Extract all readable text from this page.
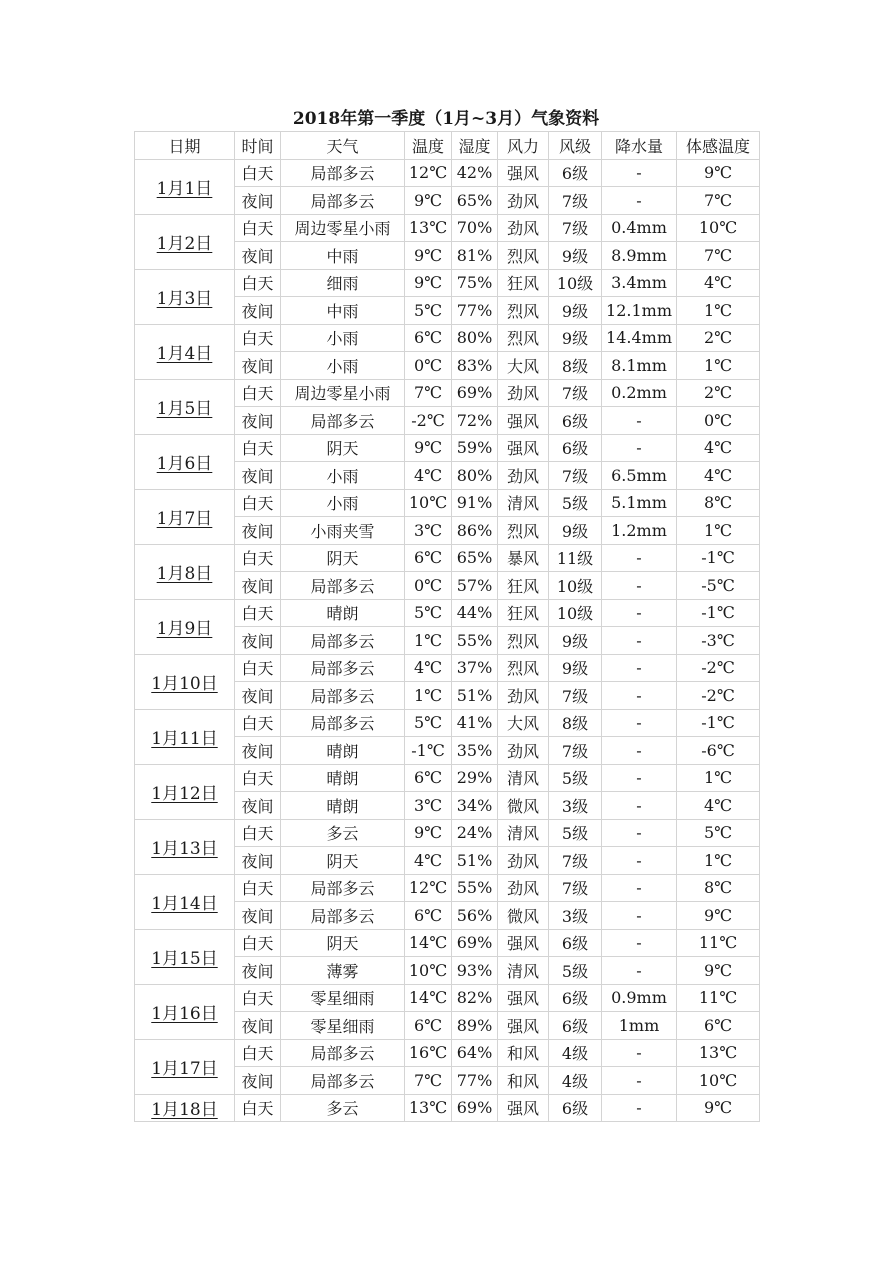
2018年第一季度（1月~3月）气象资料
日期	时间	天气	温度	湿度	风力	风级	降水量	体感温度
1月1日	白天	局部多云	12℃	42%	强风	6级	-	9℃
	夜间	局部多云	9℃	65%	劲风	7级	-	7℃
1月2日	白天	周边零星小雨	13℃	70%	劲风	7级	0.4mm	10℃
	夜间	中雨	9℃	81%	烈风	9级	8.9mm	7℃
1月3日	白天	细雨	9℃	75%	狂风	10级	3.4mm	4℃
	夜间	中雨	5℃	77%	烈风	9级	12.1mm	1℃
1月4日	白天	小雨	6℃	80%	烈风	9级	14.4mm	2℃
	夜间	小雨	0℃	83%	大风	8级	8.1mm	1℃
1月5日	白天	周边零星小雨	7℃	69%	劲风	7级	0.2mm	2℃
	夜间	局部多云	-2℃	72%	强风	6级	-	0℃
1月6日	白天	阴天	9℃	59%	强风	6级	-	4℃
	夜间	小雨	4℃	80%	劲风	7级	6.5mm	4℃
1月7日	白天	小雨	10℃	91%	清风	5级	5.1mm	8℃
	夜间	小雨夹雪	3℃	86%	烈风	9级	1.2mm	1℃
1月8日	白天	阴天	6℃	65%	暴风	11级	-	-1℃
	夜间	局部多云	0℃	57%	狂风	10级	-	-5℃
1月9日	白天	晴朗	5℃	44%	狂风	10级	-	-1℃
	夜间	局部多云	1℃	55%	烈风	9级	-	-3℃
1月10日	白天	局部多云	4℃	37%	烈风	9级	-	-2℃
	夜间	局部多云	1℃	51%	劲风	7级	-	-2℃
1月11日	白天	局部多云	5℃	41%	大风	8级	-	-1℃
	夜间	晴朗	-1℃	35%	劲风	7级	-	-6℃
1月12日	白天	晴朗	6℃	29%	清风	5级	-	1℃
	夜间	晴朗	3℃	34%	微风	3级	-	4℃
1月13日	白天	多云	9℃	24%	清风	5级	-	5℃
	夜间	阴天	4℃	51%	劲风	7级	-	1℃
1月14日	白天	局部多云	12℃	55%	劲风	7级	-	8℃
	夜间	局部多云	6℃	56%	微风	3级	-	9℃
1月15日	白天	阴天	14℃	69%	强风	6级	-	11℃
	夜间	薄雾	10℃	93%	清风	5级	-	9℃
1月16日	白天	零星细雨	14℃	82%	强风	6级	0.9mm	11℃
	夜间	零星细雨	6℃	89%	强风	6级	1mm	6℃
1月17日	白天	局部多云	16℃	64%	和风	4级	-	13℃
	夜间	局部多云	7℃	77%	和风	4级	-	10℃
1月18日	白天	多云	13℃	69%	强风	6级	-	9℃
